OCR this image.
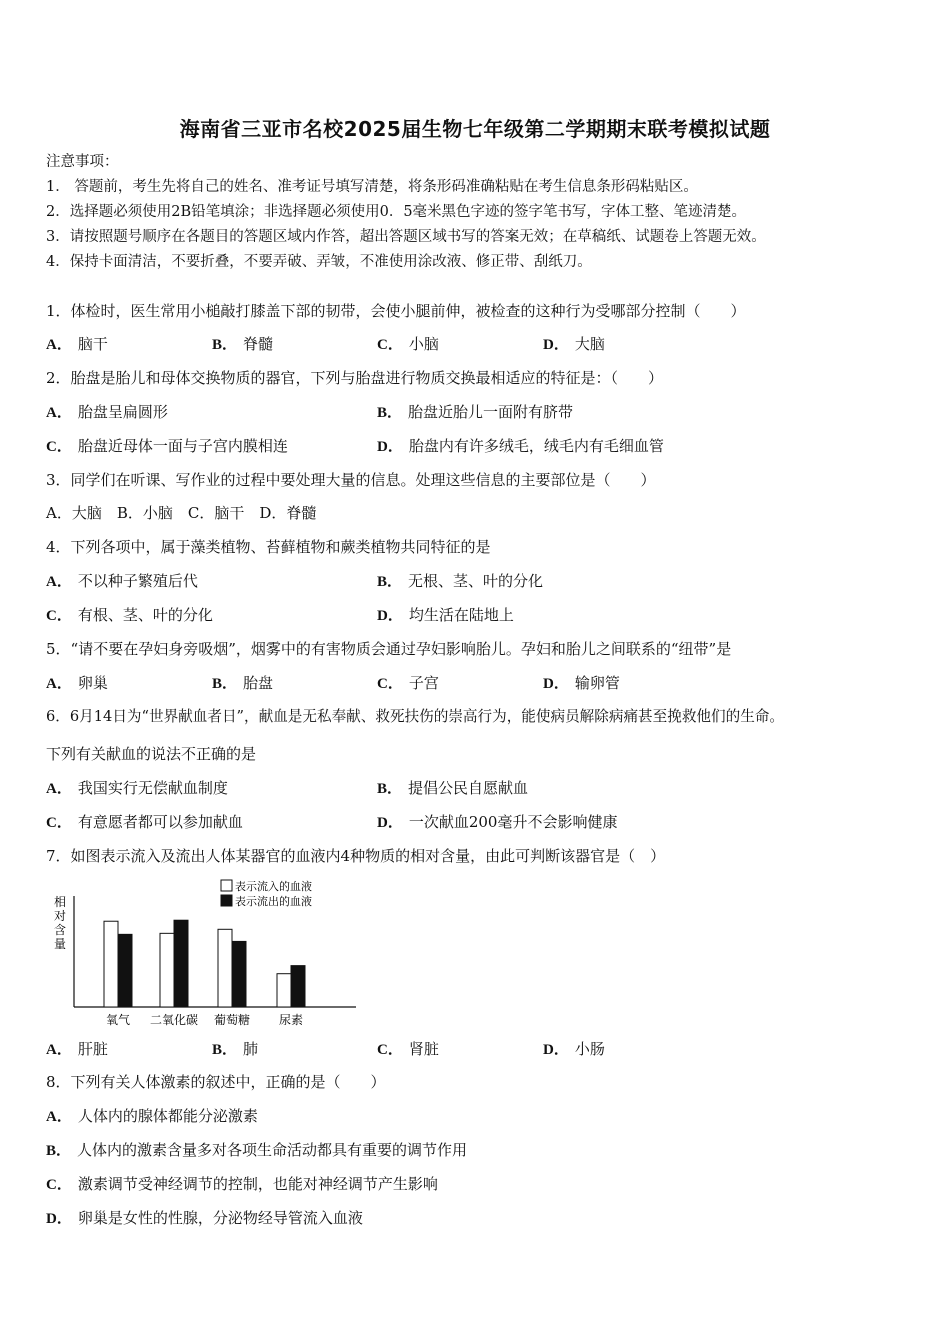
海南省三亚市名校2025届生物七年级第二学期期末联考模拟试题
注意事项：
1． 答题前，考生先将自己的姓名、准考证号填写清楚，将条形码准确粘贴在考生信息条形码粘贴区。
2．选择题必须使用2B铅笔填涂；非选择题必须使用0．5毫米黑色字迹的签字笔书写，字体工整、笔迹清楚。
3．请按照题号顺序在各题目的答题区域内作答，超出答题区域书写的答案无效；在草稿纸、试题卷上答题无效。
4．保持卡面清洁，不要折叠，不要弄破、弄皱，不准使用涂改液、修正带、刮纸刀。
1．体检时，医生常用小槌敲打膝盖下部的韧带，会使小腿前伸，被检查的这种行为受哪部分控制（　　）
A． 脑干	B． 脊髓	C． 小脑	D． 大脑
2．胎盘是胎儿和母体交换物质的器官，下列与胎盘进行物质交换最相适应的特征是：（　　）
A． 胎盘呈扁圆形	B． 胎盘近胎儿一面附有脐带
C． 胎盘近母体一面与子宫内膜相连	D． 胎盘内有许多绒毛，绒毛内有毛细血管
3．同学们在听课、写作业的过程中要处理大量的信息。处理这些信息的主要部位是（　　）
A．大脑　B．小脑　C．脑干　D．脊髓
4．下列各项中，属于藻类植物、苔藓植物和蕨类植物共同特征的是
A． 不以种子繁殖后代	B． 无根、茎、叶的分化
C． 有根、茎、叶的分化	D． 均生活在陆地上
5．“请不要在孕妇身旁吸烟”，烟雾中的有害物质会通过孕妇影响胎儿。孕妇和胎儿之间联系的“纽带”是
A． 卵巢	B． 胎盘	C． 子宫	D． 输卵管
6．6月14日为“世界献血者日”，献血是无私奉献、救死扶伤的崇高行为，能使病员解除病痛甚至挽救他们的生命。
下列有关献血的说法不正确的是
A． 我国实行无偿献血制度	B． 提倡公民自愿献血
C． 有意愿者都可以参加献血	D． 一次献血200毫升不会影响健康
7．如图表示流入及流出人体某器官的血液内4种物质的相对含量，由此可判断该器官是（　）
表示流入的血液
表示流出的血液
相
对
含
量
氧气 二氧化碳 葡萄糖 尿素
A． 肝脏	B． 肺	C． 肾脏	D． 小肠
8．下列有关人体激素的叙述中，正确的是（　　）
A． 人体内的腺体都能分泌激素
B． 人体内的激素含量多对各项生命活动都具有重要的调节作用
C． 激素调节受神经调节的控制，也能对神经调节产生影响
D． 卵巢是女性的性腺，分泌物经导管流入血液
